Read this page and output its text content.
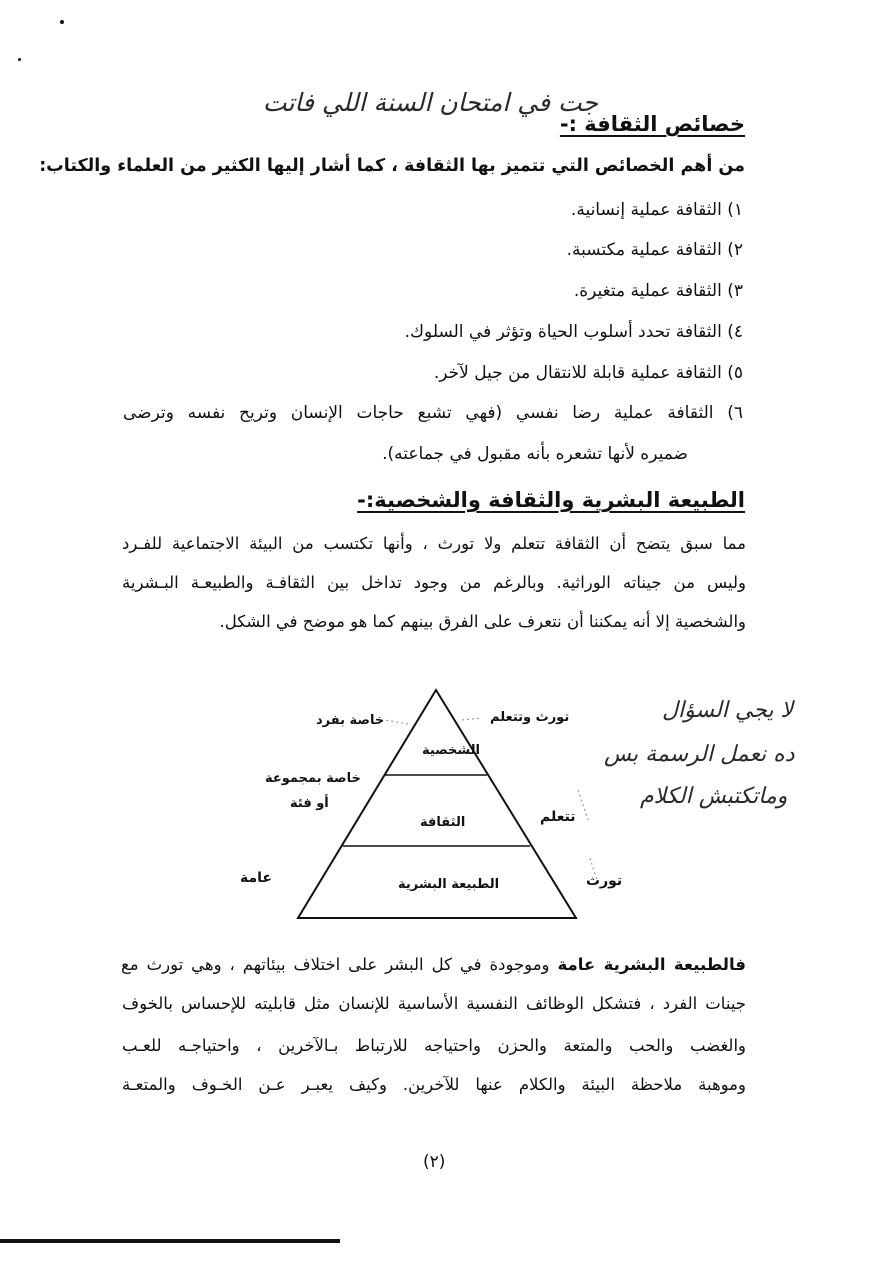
جت في امتحان السنة اللي فاتت
خصائص الثقافة :-
من أهم الخصائص التي تتميز بها الثقافة ، كما أشار إليها الكثير من العلماء والكتاب:
١) الثقافة عملية إنسانية.
٢) الثقافة عملية مكتسبة.
٣) الثقافة عملية متغيرة.
٤) الثقافة تحدد أسلوب الحياة وتؤثر في السلوك.
٥) الثقافة عملية قابلة للانتقال من جيل لآخر.
٦) الثقافة عملية رضا نفسي (فهي تشبع حاجات الإنسان وتريح نفسه وترضى
ضميره لأنها تشعره بأنه مقبول في جماعته).
الطبيعة البشرية والثقافة والشخصية:-
مما سبق يتضح أن الثقافة تتعلم ولا تورث ، وأنها تكتسب من البيئة الاجتماعية للفـرد
وليس من جيناته الوراثية. وبالرغم من وجود تداخل بين الثقافـة والطبيعـة البـشرية
والشخصية إلا أنه يمكننا أن نتعرف على الفرق بينهم كما هو موضح في الشكل.
الشخصية
الثقافة
الطبيعة البشرية
خاصة بفرد
خاصة بمجموعة
أو فئة
عامة
تورث وتتعلم
تتعلم
تورث
لا يجي السؤال
ده نعمل الرسمة بس
وماتكتبش الكلام
فالطبيعة البشرية عامة وموجودة في كل البشر على اختلاف بيئاتهم ، وهي تورث مع
جينات الفرد ، فتشكل الوظائف النفسية الأساسية للإنسان مثل قابليته للإحساس بالخوف
والغضب والحب والمتعة والحزن واحتياجه للارتباط بـالآخرين ، واحتياجـه للعـب
وموهبة ملاحظة البيئة والكلام عنها للآخرين. وكيف يعبـر عـن الخـوف والمتعـة
(٢)
